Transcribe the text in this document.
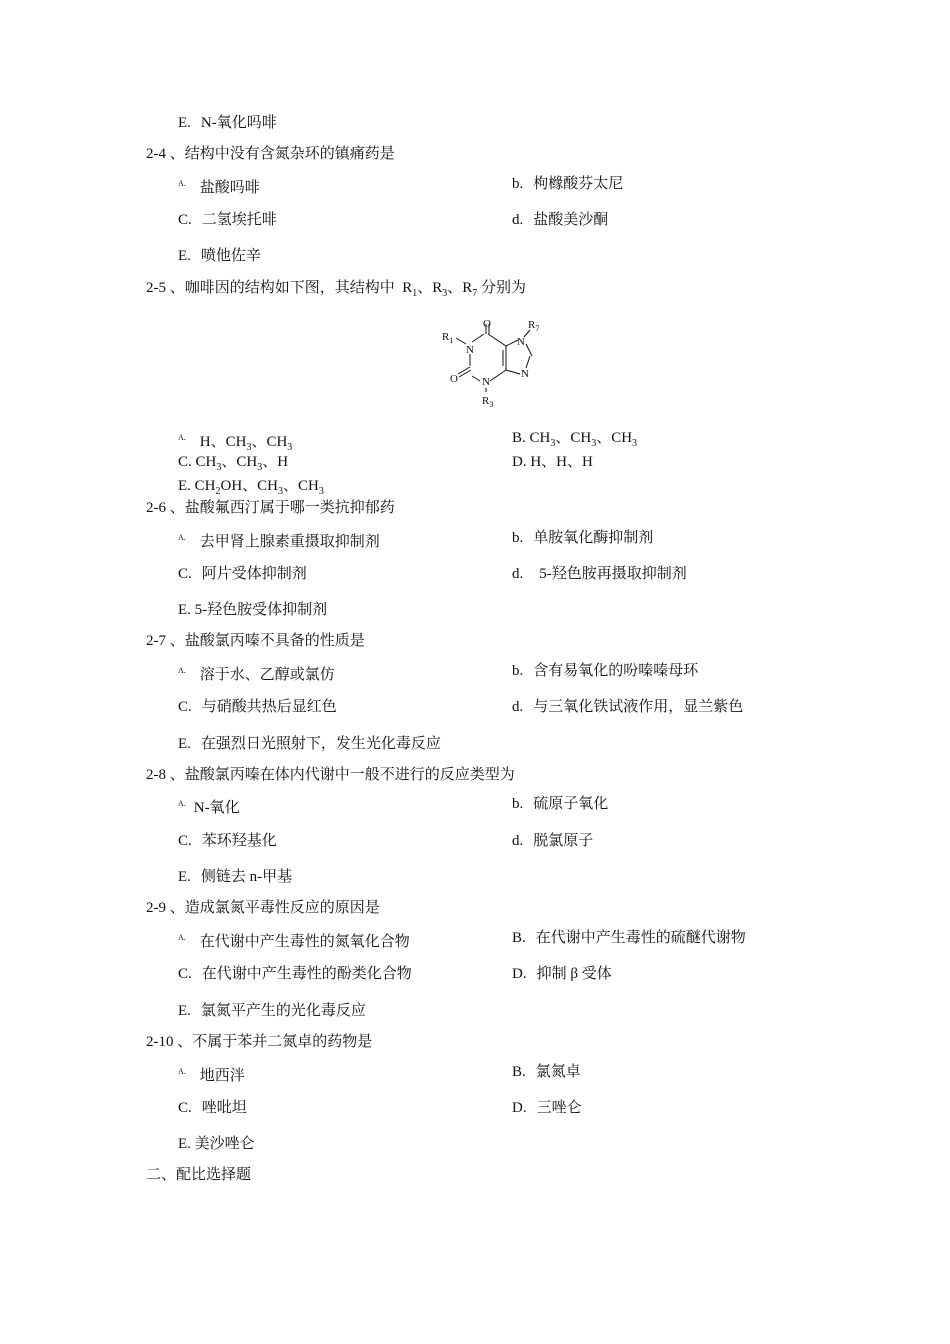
E. N-氧化吗啡
2-4 、结构中没有含氮杂环的镇痛药是
A. 盐酸吗啡	b. 枸橼酸芬太尼
C. 二氢埃托啡	d. 盐酸美沙酮
E. 喷他佐辛
2-5 、咖啡因的结构如下图，其结构中  $R_1$、$R_3$、$R_7$ 分别为
O
O
N
N
N
N
$R_1$
$R_3$
$R_7$
A. H、$CH_3$、$CH_3$
B. $CH_3$、$CH_3$、$CH_3$
C. $CH_3$、$CH_3$、H	D. H、H、H
E. $CH_2OH$、$CH_3$、$CH_3$
2-6 、盐酸氟西汀属于哪一类抗抑郁药
A. 去甲肾上腺素重摄取抑制剂	b. 单胺氧化酶抑制剂
C. 阿片受体抑制剂	d. 5-羟色胺再摄取抑制剂
E. 5-羟色胺受体抑制剂
2-7 、盐酸氯丙嗪不具备的性质是
A. 溶于水、乙醇或氯仿	b. 含有易氧化的吩嗪嗪母环
C. 与硝酸共热后显红色	d. 与三氧化铁试液作用，显兰紫色
E. 在强烈日光照射下，发生光化毒反应
2-8 、盐酸氯丙嗪在体内代谢中一般不进行的反应类型为
A. N-氧化	b. 硫原子氧化
C. 苯环羟基化	d. 脱氯原子
E. 侧链去 n-甲基
2-9 、造成氯氮平毒性反应的原因是
A. 在代谢中产生毒性的氮氧化合物	B. 在代谢中产生毒性的硫醚代谢物
C. 在代谢中产生毒性的酚类化合物	D. 抑制 β 受体
E. 氯氮平产生的光化毒反应
2-10 、不属于苯并二氮卓的药物是
A. 地西泮	B. 氯氮卓
C. 唑吡坦	D. 三唑仑
E. 美沙唑仑
二、配比选择题
